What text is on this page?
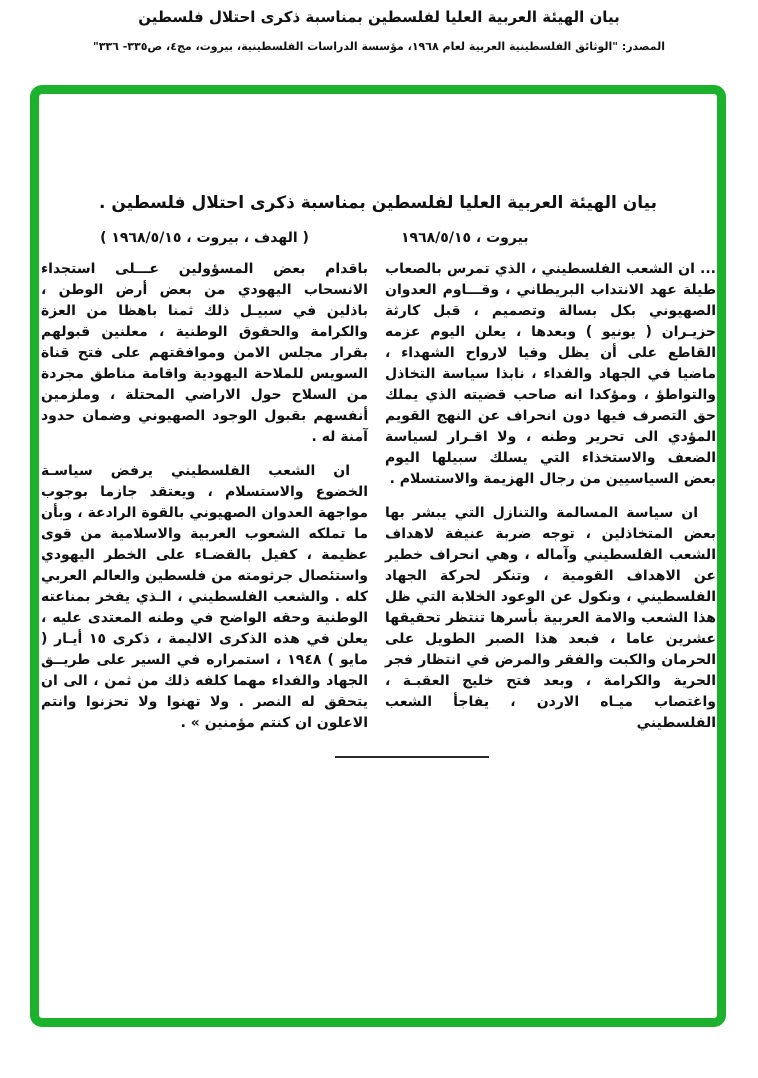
بيان الهيئة العربية العليا لفلسطين بمناسبة ذكرى احتلال فلسطين
المصدر: "الوثائق الفلسطينية العربية لعام ١٩٦٨، مؤسسة الدراسات الفلسطينية، بيروت، مج٤، ص٣٣٥- ٣٣٦"
بيان الهيئة العربية العليا لفلسطين بمناسبة ذكرى احتلال فلسطين .
بيروت ، ١٩٦٨/٥/١٥
( الهدف ، بيروت ، ١٩٦٨/٥/١٥ )

... ان الشعب الفلسطيني ، الذي تمرس بالصعاب طيلة عهد الانتداب البريطاني ، وقـــاوم العدوان الصهيوني بكل بسالة وتصميم ، قبل كارثة حزيـران ( يونيو ) وبعدها ، يعلن اليوم عزمه القاطع على أن يظل وفيا لارواح الشهداء ، ماضيا في الجهاد والفداء ، نابذا سياسة التخاذل والتواطؤ ، ومؤكدا انه صاحب قضيته الذي يملك حق التصرف فيها دون انحراف عن النهج القويم المؤدي الى تحرير وطنه ، ولا اقـرار لسياسة الضعف والاستخذاء التي يسلك سبيلها اليوم بعض السياسيين من رجال الهزيمة والاستسلام .

ان سياسة المسالمة والتنازل التي يبشر بها بعض المتخاذلين ، توجه ضربة عنيفة لاهداف الشعب الفلسطيني وآماله ، وهي انحراف خطير عن الاهداف القومية ، وتنكر لحركة الجهاد الفلسطيني ، ونكول عن الوعود الخلابة التي ظل هذا الشعب والامة العربية بأسرها تنتظر تحقيقها عشرين عاما ، فبعد هذا الصبر الطويل على الحرمان والكبت والفقر والمرض في انتظار فجر الحرية والكرامة ، وبعد فتح خليج العقبـة ، واغتصاب ميـاه الاردن ، يفاجأ الشعب الفلسطيني

باقدام بعض المسؤولين عـــلى استجداء الانسحاب اليهودي من بعض أرض الوطن ، باذلين في سبيـل ذلك ثمنا باهظا من العزة والكرامة والحقوق الوطنية ، معلنين قبولهم بقرار مجلس الامن وموافقتهم على فتح قناة السويس للملاحة اليهودية واقامة مناطق مجردة من السلاح حول الاراضي المحتلة ، وملزمين أنفسهم بقبول الوجود الصهيوني وضمان حدود آمنة له .

ان الشعب الفلسطيني يرفض سياسـة الخضوع والاستسلام ، ويعتقد جازما بوجوب مواجهة العدوان الصهيوني بالقوة الرادعة ، وبأن ما تملكه الشعوب العربية والاسلامية من قوى عظيمة ، كفيل بالقضـاء على الخطر اليهودي واستئصال جرثومته من فلسطين والعالم العربي كله . والشعب الفلسطيني ، الـذي يفخر بمناعته الوطنية وحقه الواضح في وطنه المعتدى عليه ، يعلن في هذه الذكرى الاليمة ، ذكرى ١٥ أيـار ( مايو ) ١٩٤٨ ، استمراره في السير على طريــق الجهاد والفداء مهما كلفه ذلك من ثمن ، الى ان يتحقق له النصر . ولا تهنوا ولا تحزنوا وانتم الاعلون ان كنتم مؤمنين » .
